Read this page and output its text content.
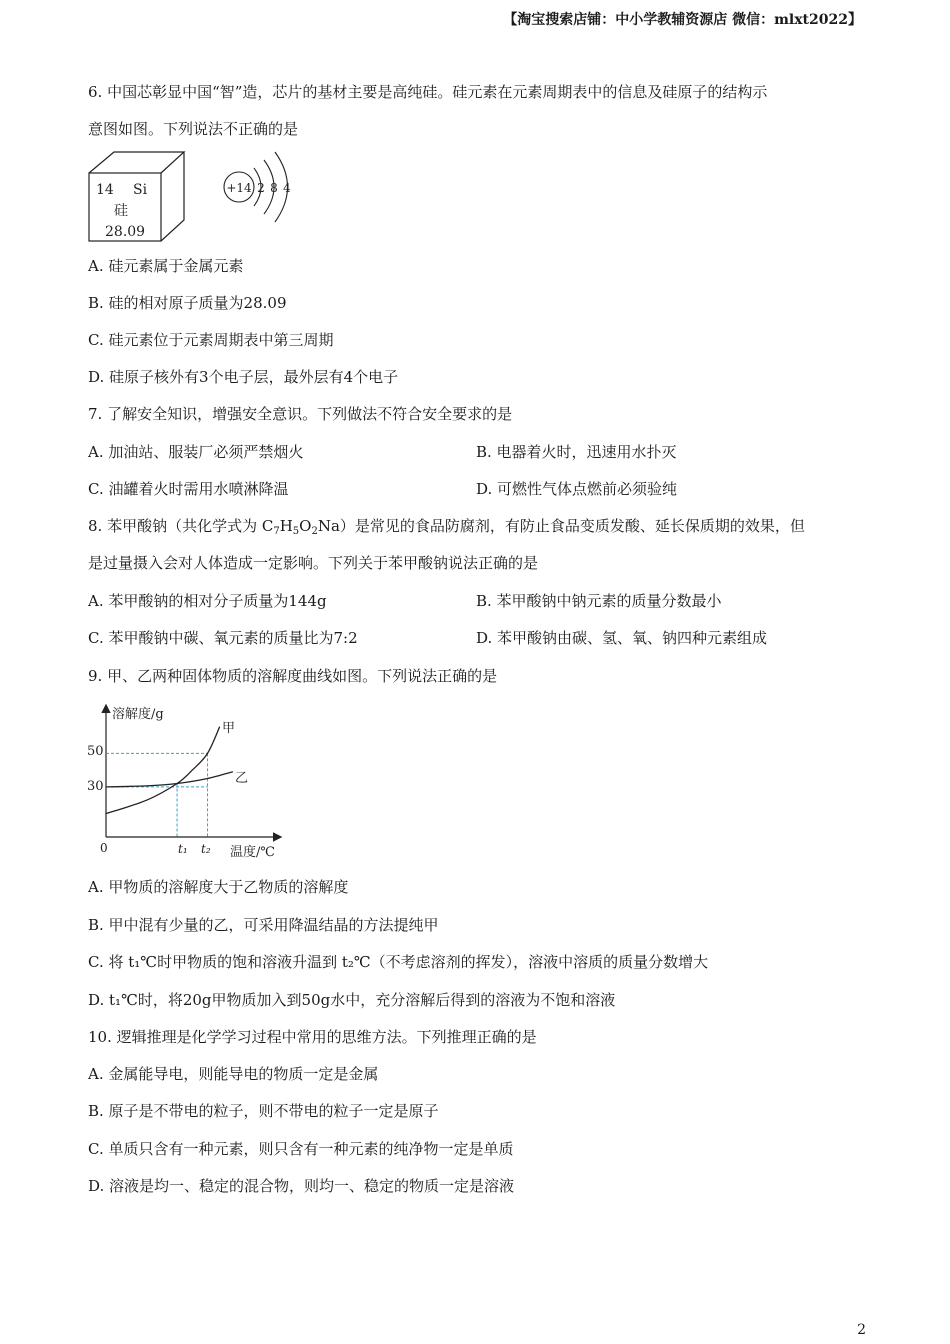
【淘宝搜索店铺：中小学教辅资源店 微信：mlxt2022】
6. 中国芯彰显中国“智”造，芯片的基材主要是高纯硅。硅元素在元素周期表中的信息及硅原子的结构示
意图如图。下列说法不正确的是
14 Si
硅
28.09
+14 2 8 4
A. 硅元素属于金属元素
B. 硅的相对原子质量为28.09
C. 硅元素位于元素周期表中第三周期
D. 硅原子核外有3个电子层，最外层有4个电子
7. 了解安全知识，增强安全意识。下列做法不符合安全要求的是
A. 加油站、服装厂必须严禁烟火	B. 电器着火时，迅速用水扑灭
C. 油罐着火时需用水喷淋降温	D. 可燃性气体点燃前必须验纯
8. 苯甲酸钠（共化学式为 $C_7H_5O_2Na$）是常见的食品防腐剂，有防止食品变质发酸、延长保质期的效果，但
是过量摄入会对人体造成一定影响。下列关于苯甲酸钠说法正确的是
A. 苯甲酸钠的相对分子质量为144g	B. 苯甲酸钠中钠元素的质量分数最小
C. 苯甲酸钠中碳、氧元素的质量比为7:2	D. 苯甲酸钠由碳、氢、氧、钠四种元素组成
9. 甲、乙两种固体物质的溶解度曲线如图。下列说法正确的是
溶解度/g
温度/℃
0
30
50
t₁ t₂
甲
乙
A. 甲物质的溶解度大于乙物质的溶解度
B. 甲中混有少量的乙，可采用降温结晶的方法提纯甲
C. 将 t₁℃时甲物质的饱和溶液升温到 t₂℃（不考虑溶剂的挥发），溶液中溶质的质量分数增大
D. t₁℃时，将20g甲物质加入到50g水中，充分溶解后得到的溶液为不饱和溶液
10. 逻辑推理是化学学习过程中常用的思维方法。下列推理正确的是
A. 金属能导电，则能导电的物质一定是金属
B. 原子是不带电的粒子，则不带电的粒子一定是原子
C. 单质只含有一种元素，则只含有一种元素的纯净物一定是单质
D. 溶液是均一、稳定的混合物，则均一、稳定的物质一定是溶液
2
